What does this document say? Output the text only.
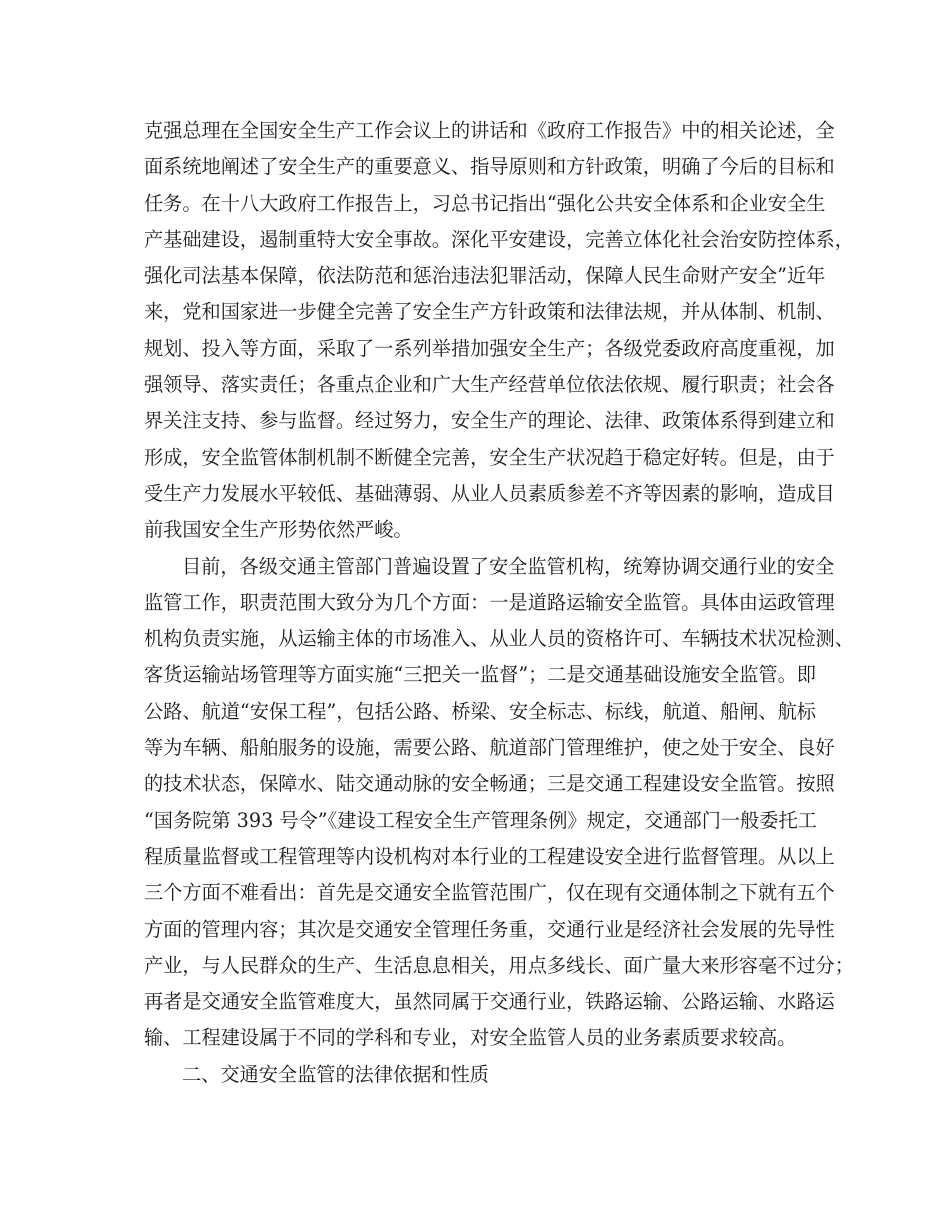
克强总理在全国安全生产工作会议上的讲话和《政府工作报告》中的相关论述，全
面系统地阐述了安全生产的重要意义、指导原则和方针政策，明确了今后的目标和
任务。在十八大政府工作报告上，习总书记指出“强化公共安全体系和企业安全生
产基础建设，遏制重特大安全事故。深化平安建设，完善立体化社会治安防控体系，
强化司法基本保障，依法防范和惩治违法犯罪活动，保障人民生命财产安全”近年
来，党和国家进一步健全完善了安全生产方针政策和法律法规，并从体制、机制、
规划、投入等方面，采取了一系列举措加强安全生产；各级党委政府高度重视，加
强领导、落实责任；各重点企业和广大生产经营单位依法依规、履行职责；社会各
界关注支持、参与监督。经过努力，安全生产的理论、法律、政策体系得到建立和
形成，安全监管体制机制不断健全完善，安全生产状况趋于稳定好转。但是，由于
受生产力发展水平较低、基础薄弱、从业人员素质参差不齐等因素的影响，造成目
前我国安全生产形势依然严峻。
目前，各级交通主管部门普遍设置了安全监管机构，统筹协调交通行业的安全
监管工作，职责范围大致分为几个方面：一是道路运输安全监管。具体由运政管理
机构负责实施，从运输主体的市场准入、从业人员的资格许可、车辆技术状况检测、
客货运输站场管理等方面实施“三把关一监督”；二是交通基础设施安全监管。即
公路、航道“安保工程”，包括公路、桥梁、安全标志、标线，航道、船闸、航标
等为车辆、船舶服务的设施，需要公路、航道部门管理维护，使之处于安全、良好
的技术状态，保障水、陆交通动脉的安全畅通；三是交通工程建设安全监管。按照
“国务院第 393 号令”《建设工程安全生产管理条例》规定，交通部门一般委托工
程质量监督或工程管理等内设机构对本行业的工程建设安全进行监督管理。从以上
三个方面不难看出：首先是交通安全监管范围广，仅在现有交通体制之下就有五个
方面的管理内容；其次是交通安全管理任务重，交通行业是经济社会发展的先导性
产业，与人民群众的生产、生活息息相关，用点多线长、面广量大来形容毫不过分；
再者是交通安全监管难度大，虽然同属于交通行业，铁路运输、公路运输、水路运
输、工程建设属于不同的学科和专业，对安全监管人员的业务素质要求较高。
二、交通安全监管的法律依据和性质
